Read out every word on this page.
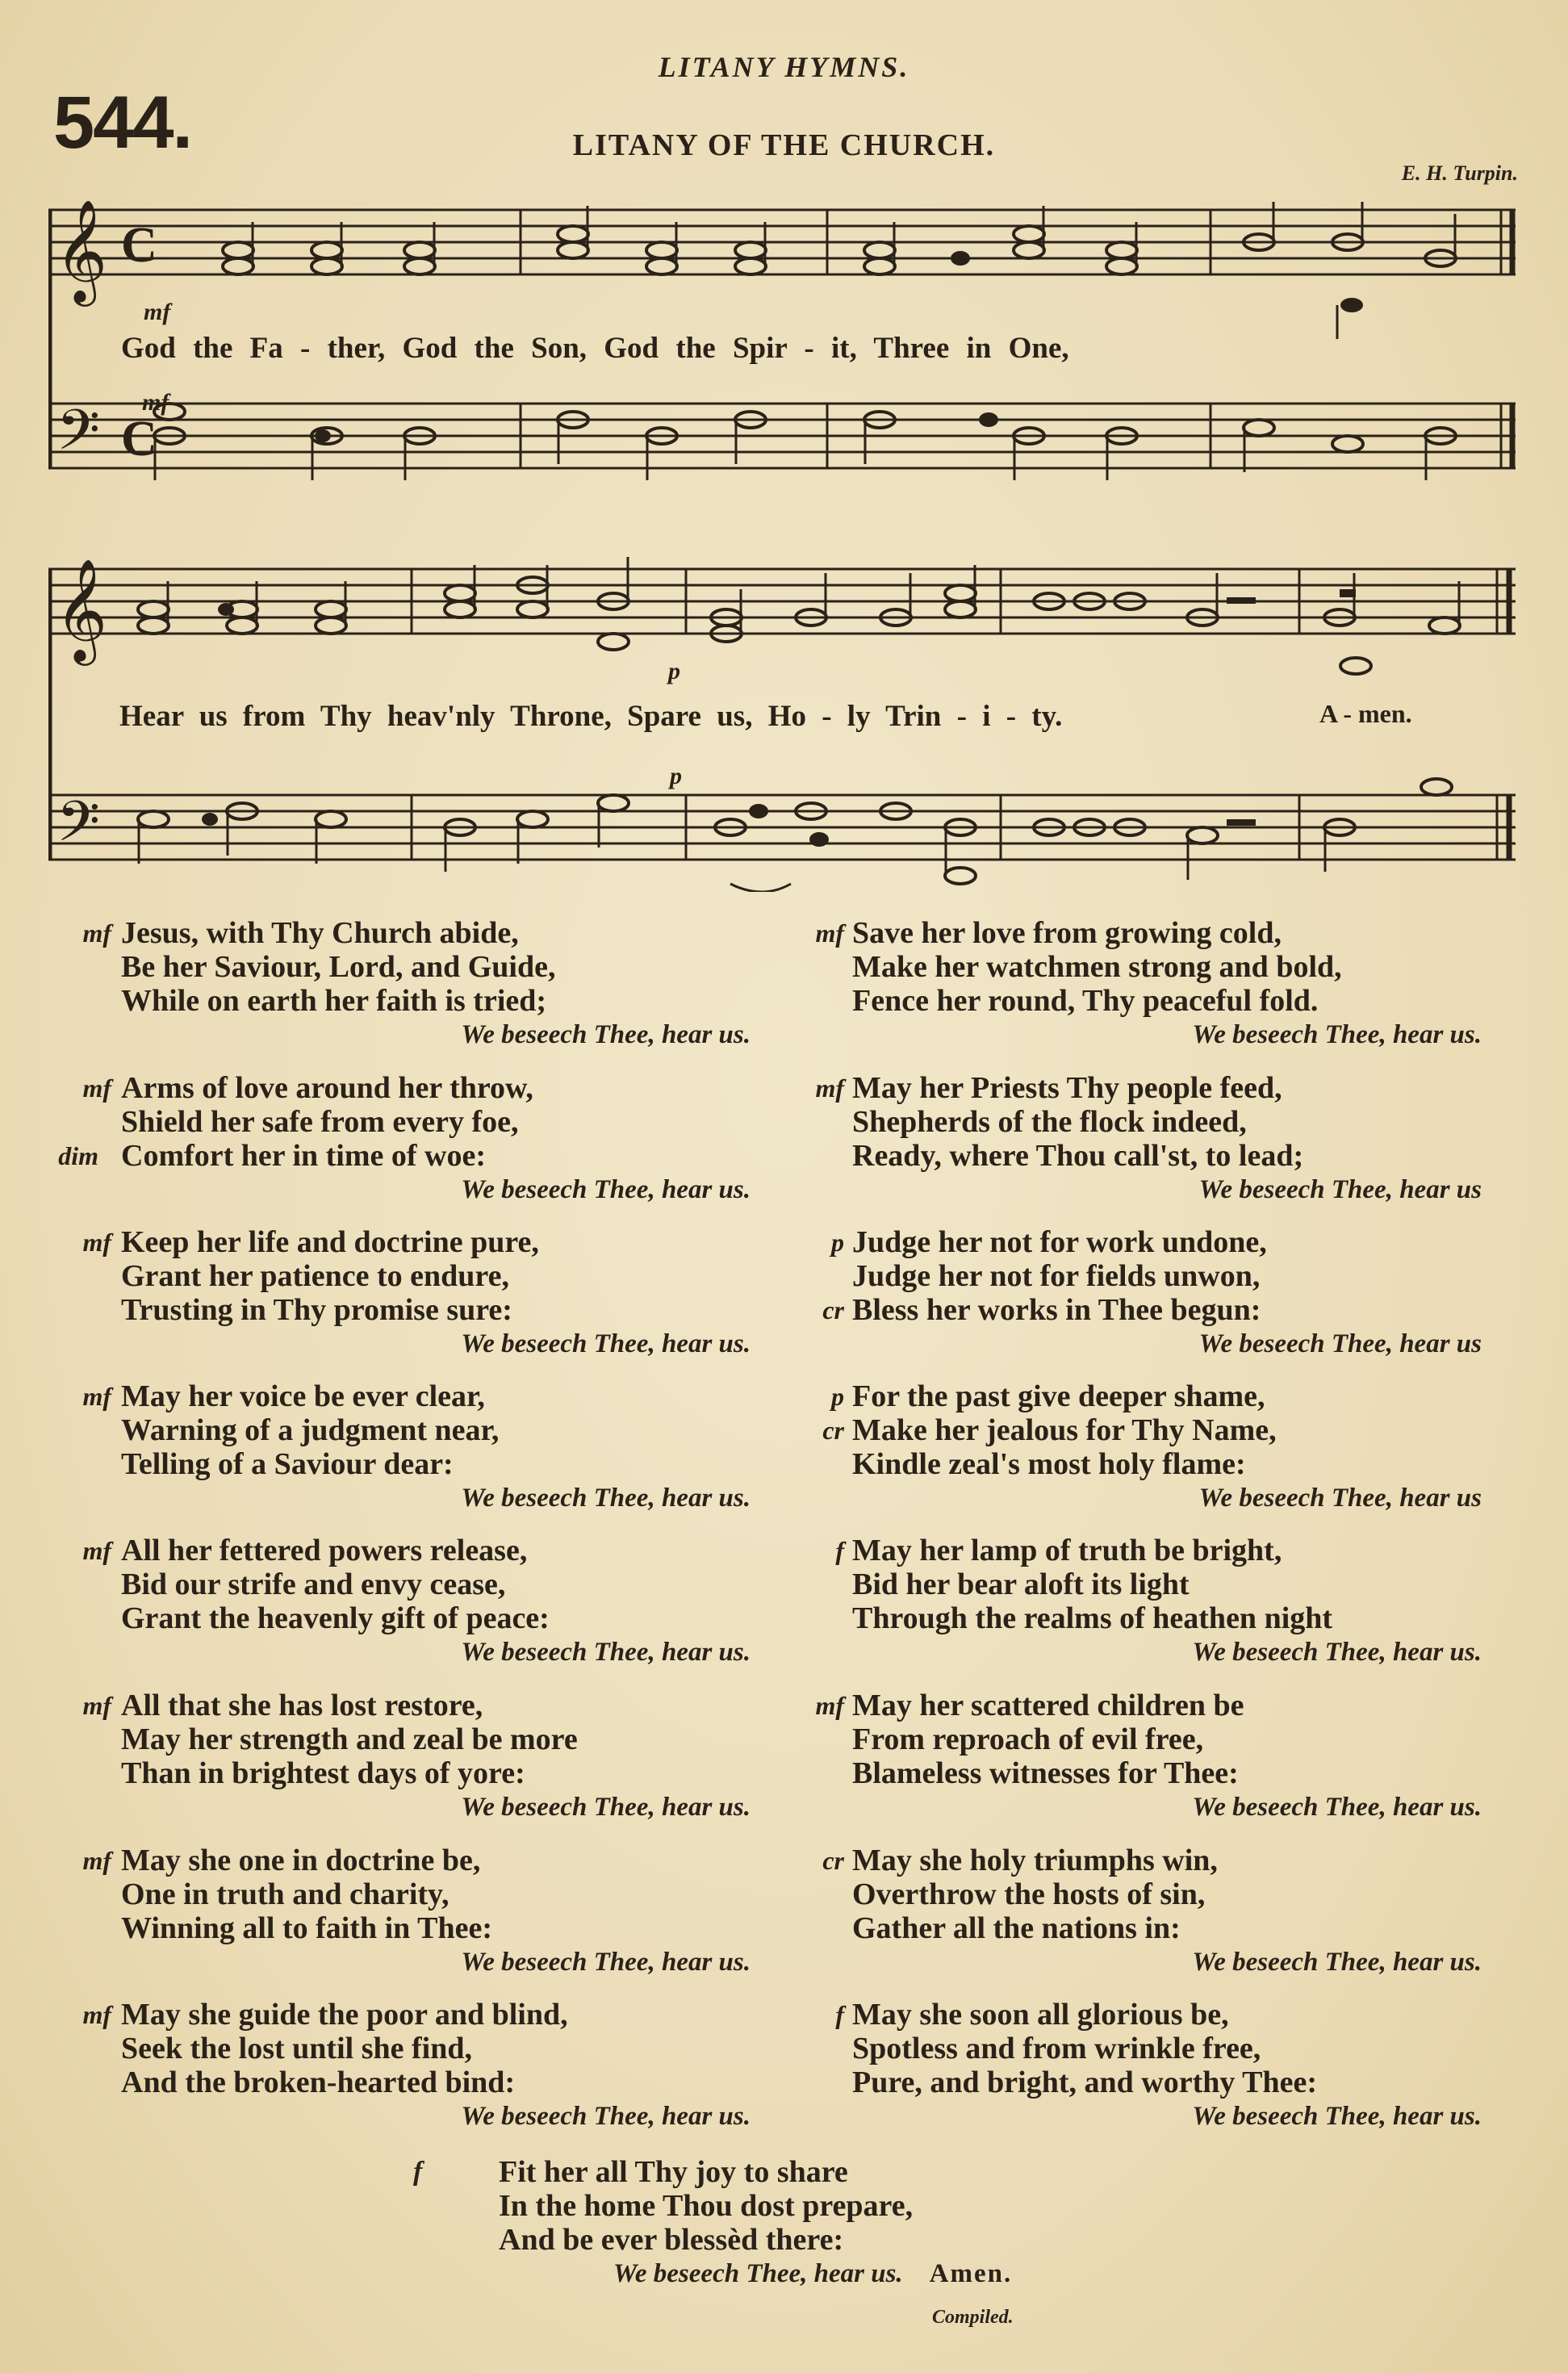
LITANY HYMNS.
544.	LITANY OF THE CHURCH.
E. H. Turpin.
𝄞 C
𝄢 C
mf
God the Fa - ther, God the Son, God the Spir - it, Three in One,
mf
𝄞
𝄢
p
Hear us from Thy heav'nly Throne, Spare us, Ho - ly Trin - i - ty.	A - men.
p
mf Jesus, with Thy Church abide,
Be her Saviour, Lord, and Guide,
While on earth her faith is tried;
We beseech Thee, hear us.
mf
dim
Arms of love around her throw,
Shield her safe from every foe,
Comfort her in time of woe:
We beseech Thee, hear us.
mf Keep her life and doctrine pure,
Grant her patience to endure,
Trusting in Thy promise sure:
We beseech Thee, hear us.
mf May her voice be ever clear,
Warning of a judgment near,
Telling of a Saviour dear:
We beseech Thee, hear us.
mf All her fettered powers release,
Bid our strife and envy cease,
Grant the heavenly gift of peace:
We beseech Thee, hear us.
mf All that she has lost restore,
May her strength and zeal be more
Than in brightest days of yore:
We beseech Thee, hear us.
mf May she one in doctrine be,
One in truth and charity,
Winning all to faith in Thee:
We beseech Thee, hear us.
mf May she guide the poor and blind,
Seek the lost until she find,
And the broken-hearted bind:
We beseech Thee, hear us.
mf Save her love from growing cold,
Make her watchmen strong and bold,
Fence her round, Thy peaceful fold.
We beseech Thee, hear us.
mf May her Priests Thy people feed,
Shepherds of the flock indeed,
Ready, where Thou call'st, to lead;
We beseech Thee, hear us
p
cr
Judge her not for work undone,
Judge her not for fields unwon,
Bless her works in Thee begun:
We beseech Thee, hear us
p
cr
For the past give deeper shame,
Make her jealous for Thy Name,
Kindle zeal's most holy flame:
We beseech Thee, hear us
f May her lamp of truth be bright,
Bid her bear aloft its light
Through the realms of heathen night
We beseech Thee, hear us.
mf May her scattered children be
From reproach of evil free,
Blameless witnesses for Thee:
We beseech Thee, hear us.
cr May she holy triumphs win,
Overthrow the hosts of sin,
Gather all the nations in:
We beseech Thee, hear us.
f May she soon all glorious be,
Spotless and from wrinkle free,
Pure, and bright, and worthy Thee:
We beseech Thee, hear us.
f	Fit her all Thy joy to share
In the home Thou dost prepare,
And be ever blessèd there:
We beseech Thee, hear us. Amen.
Compiled.
